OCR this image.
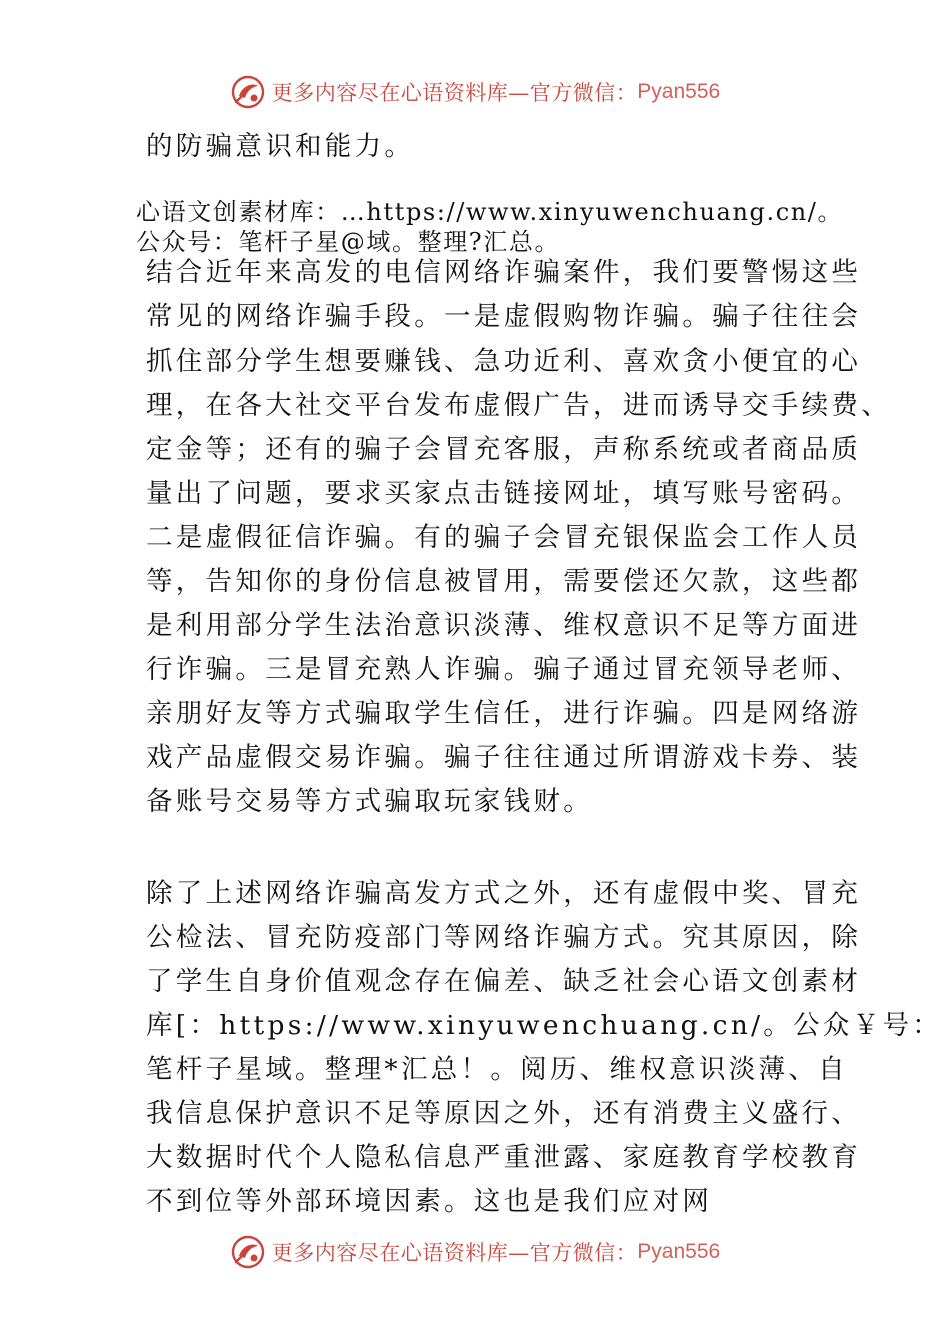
更多内容尽在心语资料库—官方微信： Pyan556
的防骗意识和能力。
心语文创素材库：…https://www.xinyuwenchuang.cn/。
公众号：笔杆子星@域。整理?汇总。
结合近年来高发的电信网络诈骗案件，我们要警惕这些
常见的网络诈骗手段。一是虚假购物诈骗。骗子往往会
抓住部分学生想要赚钱、急功近利、喜欢贪小便宜的心
理，在各大社交平台发布虚假广告，进而诱导交手续费、
定金等；还有的骗子会冒充客服，声称系统或者商品质
量出了问题，要求买家点击链接网址，填写账号密码。
二是虚假征信诈骗。有的骗子会冒充银保监会工作人员
等，告知你的身份信息被冒用，需要偿还欠款，这些都
是利用部分学生法治意识淡薄、维权意识不足等方面进
行诈骗。三是冒充熟人诈骗。骗子通过冒充领导老师、
亲朋好友等方式骗取学生信任，进行诈骗。四是网络游
戏产品虚假交易诈骗。骗子往往通过所谓游戏卡券、装
备账号交易等方式骗取玩家钱财。
除了上述网络诈骗高发方式之外，还有虚假中奖、冒充
公检法、冒充防疫部门等网络诈骗方式。究其原因，除
了学生自身价值观念存在偏差、缺乏社会心语文创素材
库[：https://www.xinyuwenchuang.cn/。公众￥号：
笔杆子星域。整理*汇总！。阅历、维权意识淡薄、自
我信息保护意识不足等原因之外，还有消费主义盛行、
大数据时代个人隐私信息严重泄露、家庭教育学校教育
不到位等外部环境因素。这也是我们应对网
更多内容尽在心语资料库—官方微信： Pyan556
